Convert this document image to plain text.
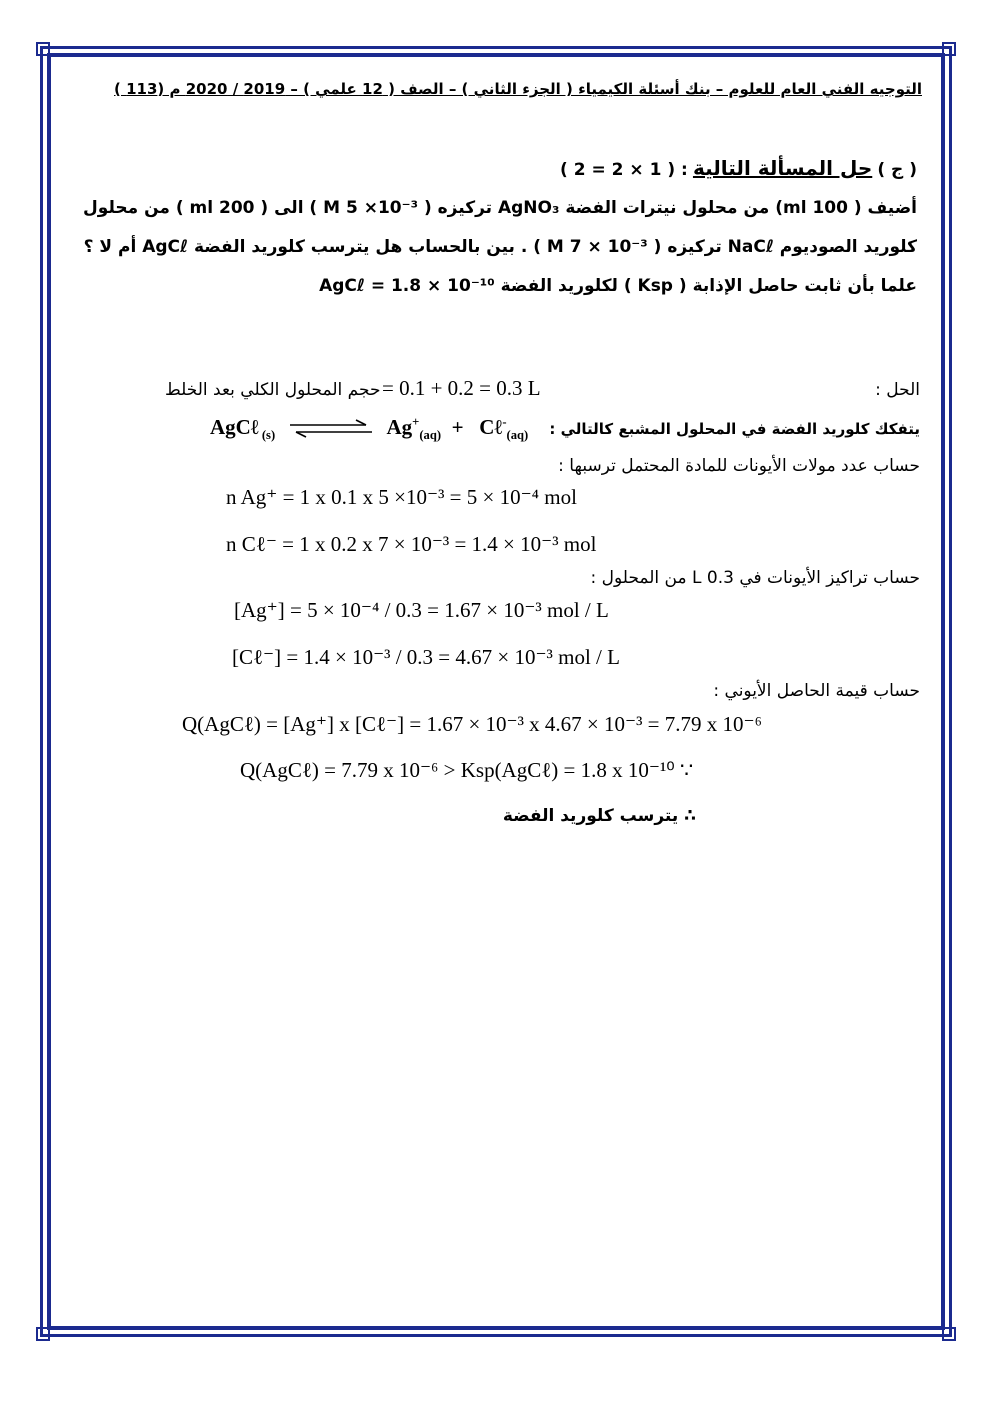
التوجيه الفني العام للعلوم – بنك أسئلة الكيمياء ( الجزء الثاني ) – الصف ( 12 علمي ) – 2019 / 2020 م (113 )
( ج ) حل المسألة التالية : ( 1 × 2 = 2 )
أضيف ( 100 ml) من محلول نيترات الفضة AgNO₃ تركيزه ( M ‎5 ×10⁻³ ) الى ( 200 ml ) من محلول
كلوريد الصوديوم NaCℓ تركيزه ( M ‎7 × 10⁻³ ) . بين بالحساب هل يترسب كلوريد الفضة AgCℓ أم لا ؟
علما بأن ثابت حاصل الإذابة ( Ksp ) لكلوريد الفضة AgCℓ = 1.8 × 10⁻¹⁰
الحل :
حجم المحلول الكلي بعد الخلط = 0.1 + 0.2 = 0.3 L
يتفكك كلوريد الفضة في المحلول المشبع كالتالي :
AgCℓ $_{(s)}$	$Ag^+_{(aq)}$  +   Cℓ-$_{(aq)}$
حساب عدد مولات الأيونات للمادة المحتمل ترسبها :
n Ag⁺ = 1 x 0.1 x 5 ×10⁻³ = 5 × 10⁻⁴ mol
n Cℓ⁻ = 1 x 0.2 x 7 × 10⁻³ = 1.4 × 10⁻³ mol
حساب تراكيز الأيونات في 0.3 L من المحلول :
[Ag⁺] = 5 × 10⁻⁴ / 0.3 = 1.67 × 10⁻³ mol / L
[Cℓ⁻] = 1.4 × 10⁻³ / 0.3 = 4.67 × 10⁻³ mol / L
حساب قيمة الحاصل الأيوني :
Q(AgCℓ) = [Ag⁺] x [Cℓ⁻] = 1.67 × 10⁻³ x 4.67 × 10⁻³ = 7.79 x 10⁻⁶
Q(AgCℓ) = 7.79 x 10⁻⁶ > Ksp(AgCℓ) = 1.8 x 10⁻¹⁰ ∵
∴ يترسب كلوريد الفضة
